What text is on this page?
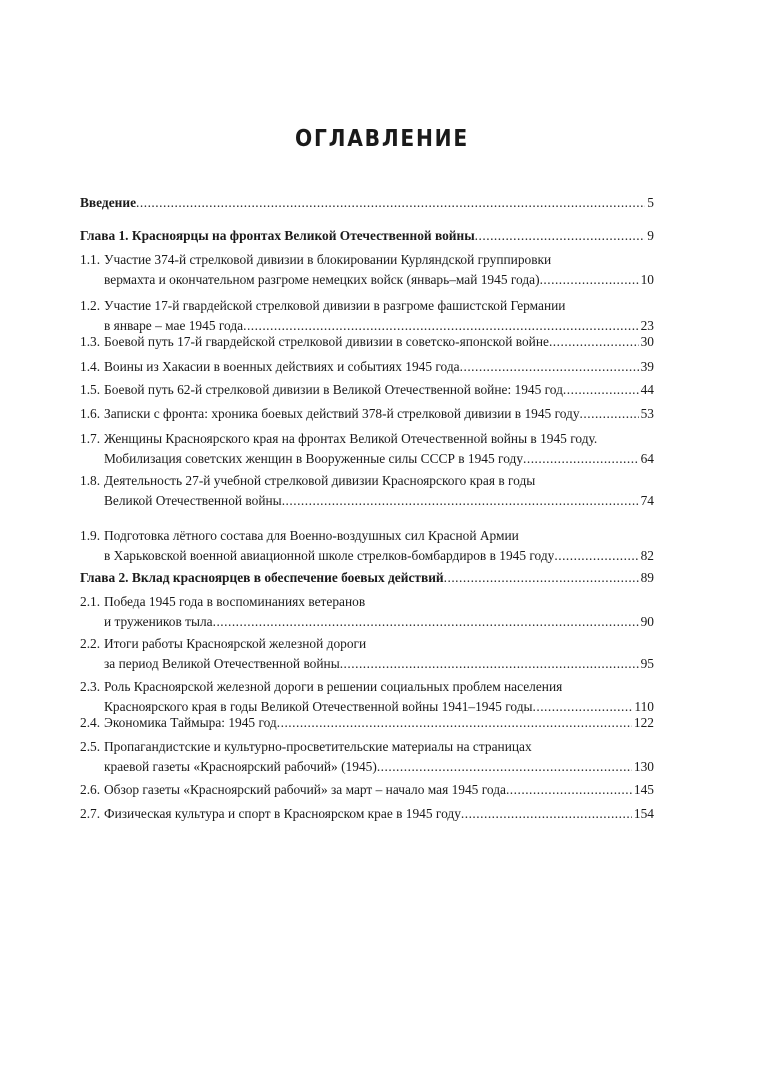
ОГЛАВЛЕНИЕ
Введение .....	5
Глава 1. Красноярцы на фронтах Великой Отечественной войны .....	9
1.1. Участие 374-й стрелковой дивизии в блокировании Курляндской группировки
вермахта и окончательном разгроме немецких войск (январь–май 1945 года) .....	10
1.2. Участие 17-й гвардейской стрелковой дивизии в разгроме фашистской Германии
в январе – мае 1945 года .....	23
1.3. Боевой путь 17-й гвардейской стрелковой дивизии в советско-японской войне .....	30
1.4. Воины из Хакасии в военных действиях и событиях 1945 года .....	39
1.5. Боевой путь 62-й стрелковой дивизии в Великой Отечественной войне: 1945 год .....	44
1.6. Записки с фронта: хроника боевых действий 378-й стрелковой дивизии в 1945 году .....	53
1.7. Женщины Красноярского края на фронтах Великой Отечественной войны в 1945 году.
Мобилизация советских женщин в Вооруженные силы СССР в 1945 году .....	64
1.8. Деятельность 27-й учебной стрелковой дивизии Красноярского края в годы
Великой Отечественной войны .....	74
1.9. Подготовка лётного состава для Военно-воздушных сил Красной Армии
в Харьковской военной авиационной школе стрелков-бомбардиров в 1945 году .....	82
Глава 2. Вклад красноярцев в обеспечение боевых действий .....	89
2.1. Победа 1945 года в воспоминаниях ветеранов
и тружеников тыла .....	90
2.2. Итоги работы Красноярской железной дороги
за период Великой Отечественной войны .....	95
2.3. Роль Красноярской железной дороги в решении социальных проблем населения
Красноярского края в годы Великой Отечественной войны 1941–1945 годы .....	110
2.4. Экономика Таймыра: 1945 год .....	122
2.5. Пропагандистские и культурно-просветительские материалы на страницах
краевой газеты «Красноярский рабочий» (1945) .....	130
2.6. Обзор газеты «Красноярский рабочий» за март – начало мая 1945 года .....	145
2.7. Физическая культура и спорт в Красноярском крае в 1945 году .....	154
